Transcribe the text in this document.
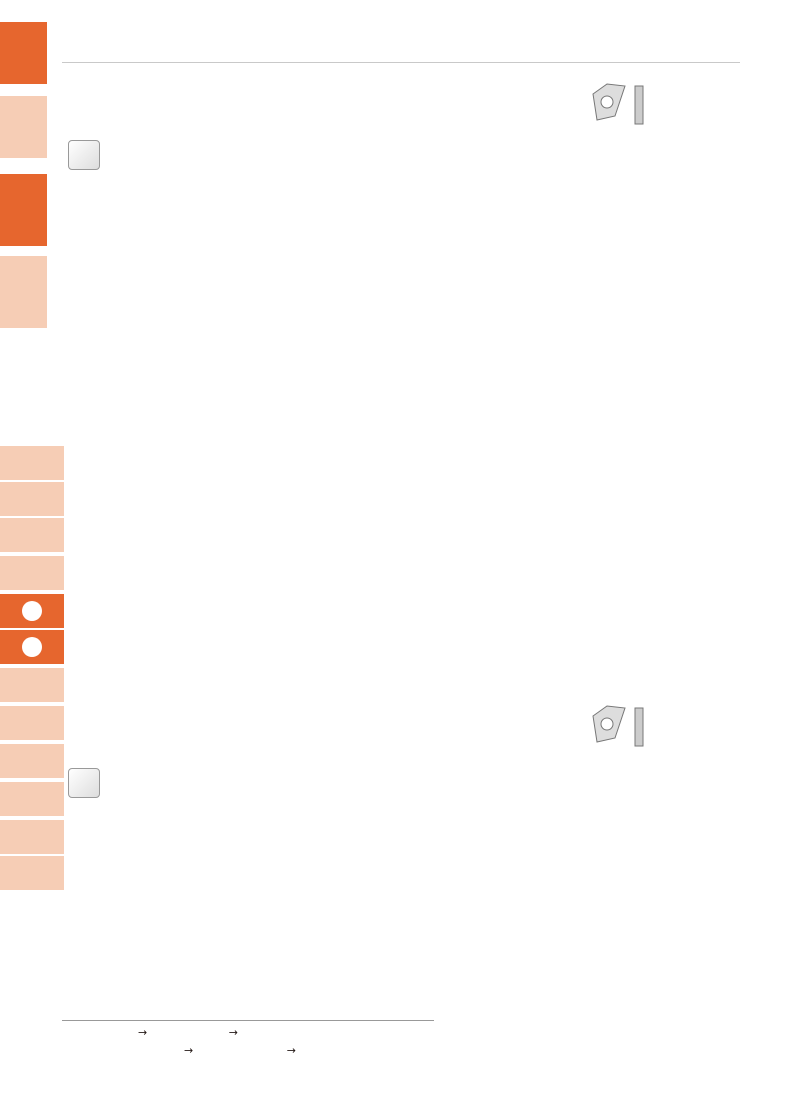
→	→
→	→
